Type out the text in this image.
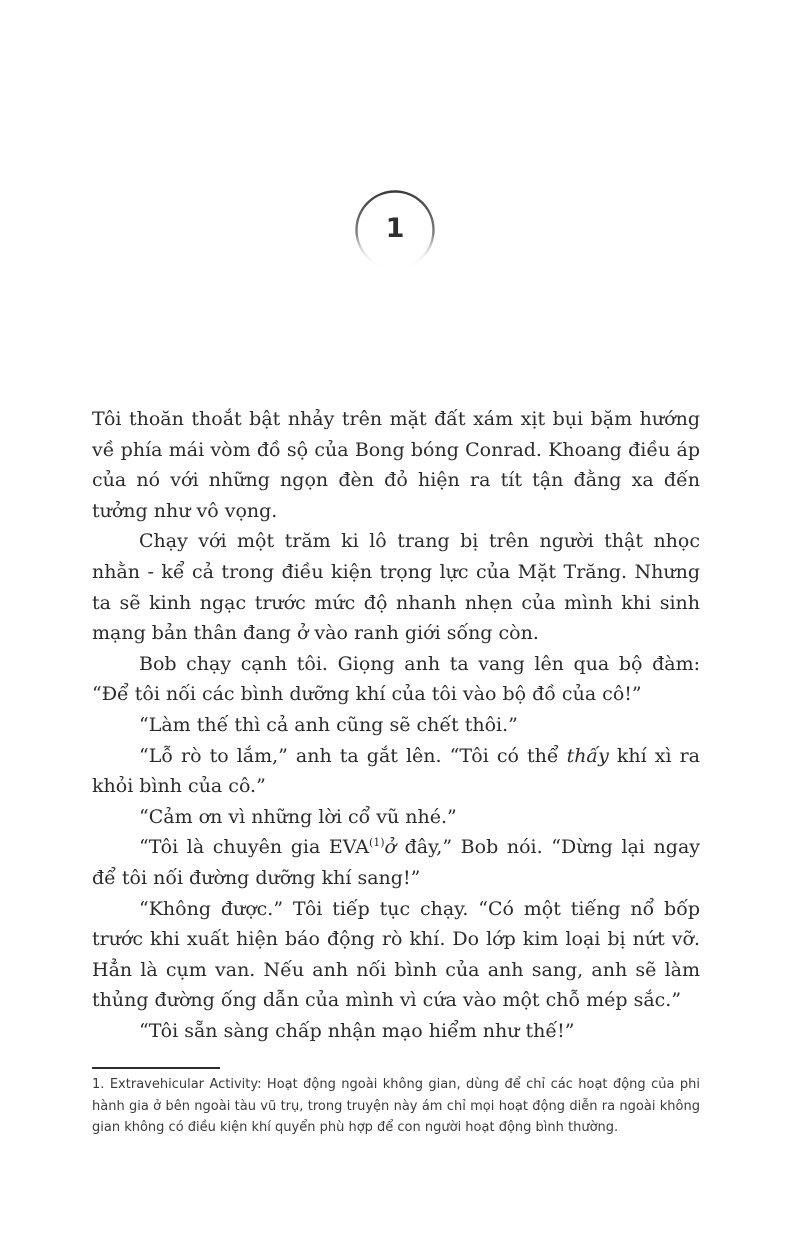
1

Tôi thoăn thoắt bật nhảy trên mặt đất xám xịt bụi bặm hướng về phía mái vòm đồ sộ của Bong bóng Conrad. Khoang điều áp của nó với những ngọn đèn đỏ hiện ra tít tận đằng xa đến tưởng như vô vọng.

Chạy với một trăm ki lô trang bị trên người thật nhọc nhằn - kể cả trong điều kiện trọng lực của Mặt Trăng. Nhưng ta sẽ kinh ngạc trước mức độ nhanh nhẹn của mình khi sinh mạng bản thân đang ở vào ranh giới sống còn.

Bob chạy cạnh tôi. Giọng anh ta vang lên qua bộ đàm: “Để tôi nối các bình dưỡng khí của tôi vào bộ đồ của cô!”

“Làm thế thì cả anh cũng sẽ chết thôi.”

“Lỗ rò to lắm,” anh ta gắt lên. “Tôi có thể thấy khí xì ra khỏi bình của cô.”

“Cảm ơn vì những lời cổ vũ nhé.”

“Tôi là chuyên gia EVA$^{(1)}$ở đây,” Bob nói. “Dừng lại ngay để tôi nối đường dưỡng khí sang!”

“Không được.” Tôi tiếp tục chạy. “Có một tiếng nổ bốp trước khi xuất hiện báo động rò khí. Do lớp kim loại bị nứt vỡ. Hẳn là cụm van. Nếu anh nối bình của anh sang, anh sẽ làm thủng đường ống dẫn của mình vì cứa vào một chỗ mép sắc.”

“Tôi sẵn sàng chấp nhận mạo hiểm như thế!”

1. Extravehicular Activity: Hoạt động ngoài không gian, dùng để chỉ các hoạt động của phi hành gia ở bên ngoài tàu vũ trụ, trong truyện này ám chỉ mọi hoạt động diễn ra ngoài không gian không có điều kiện khí quyển phù hợp để con người hoạt động bình thường.
